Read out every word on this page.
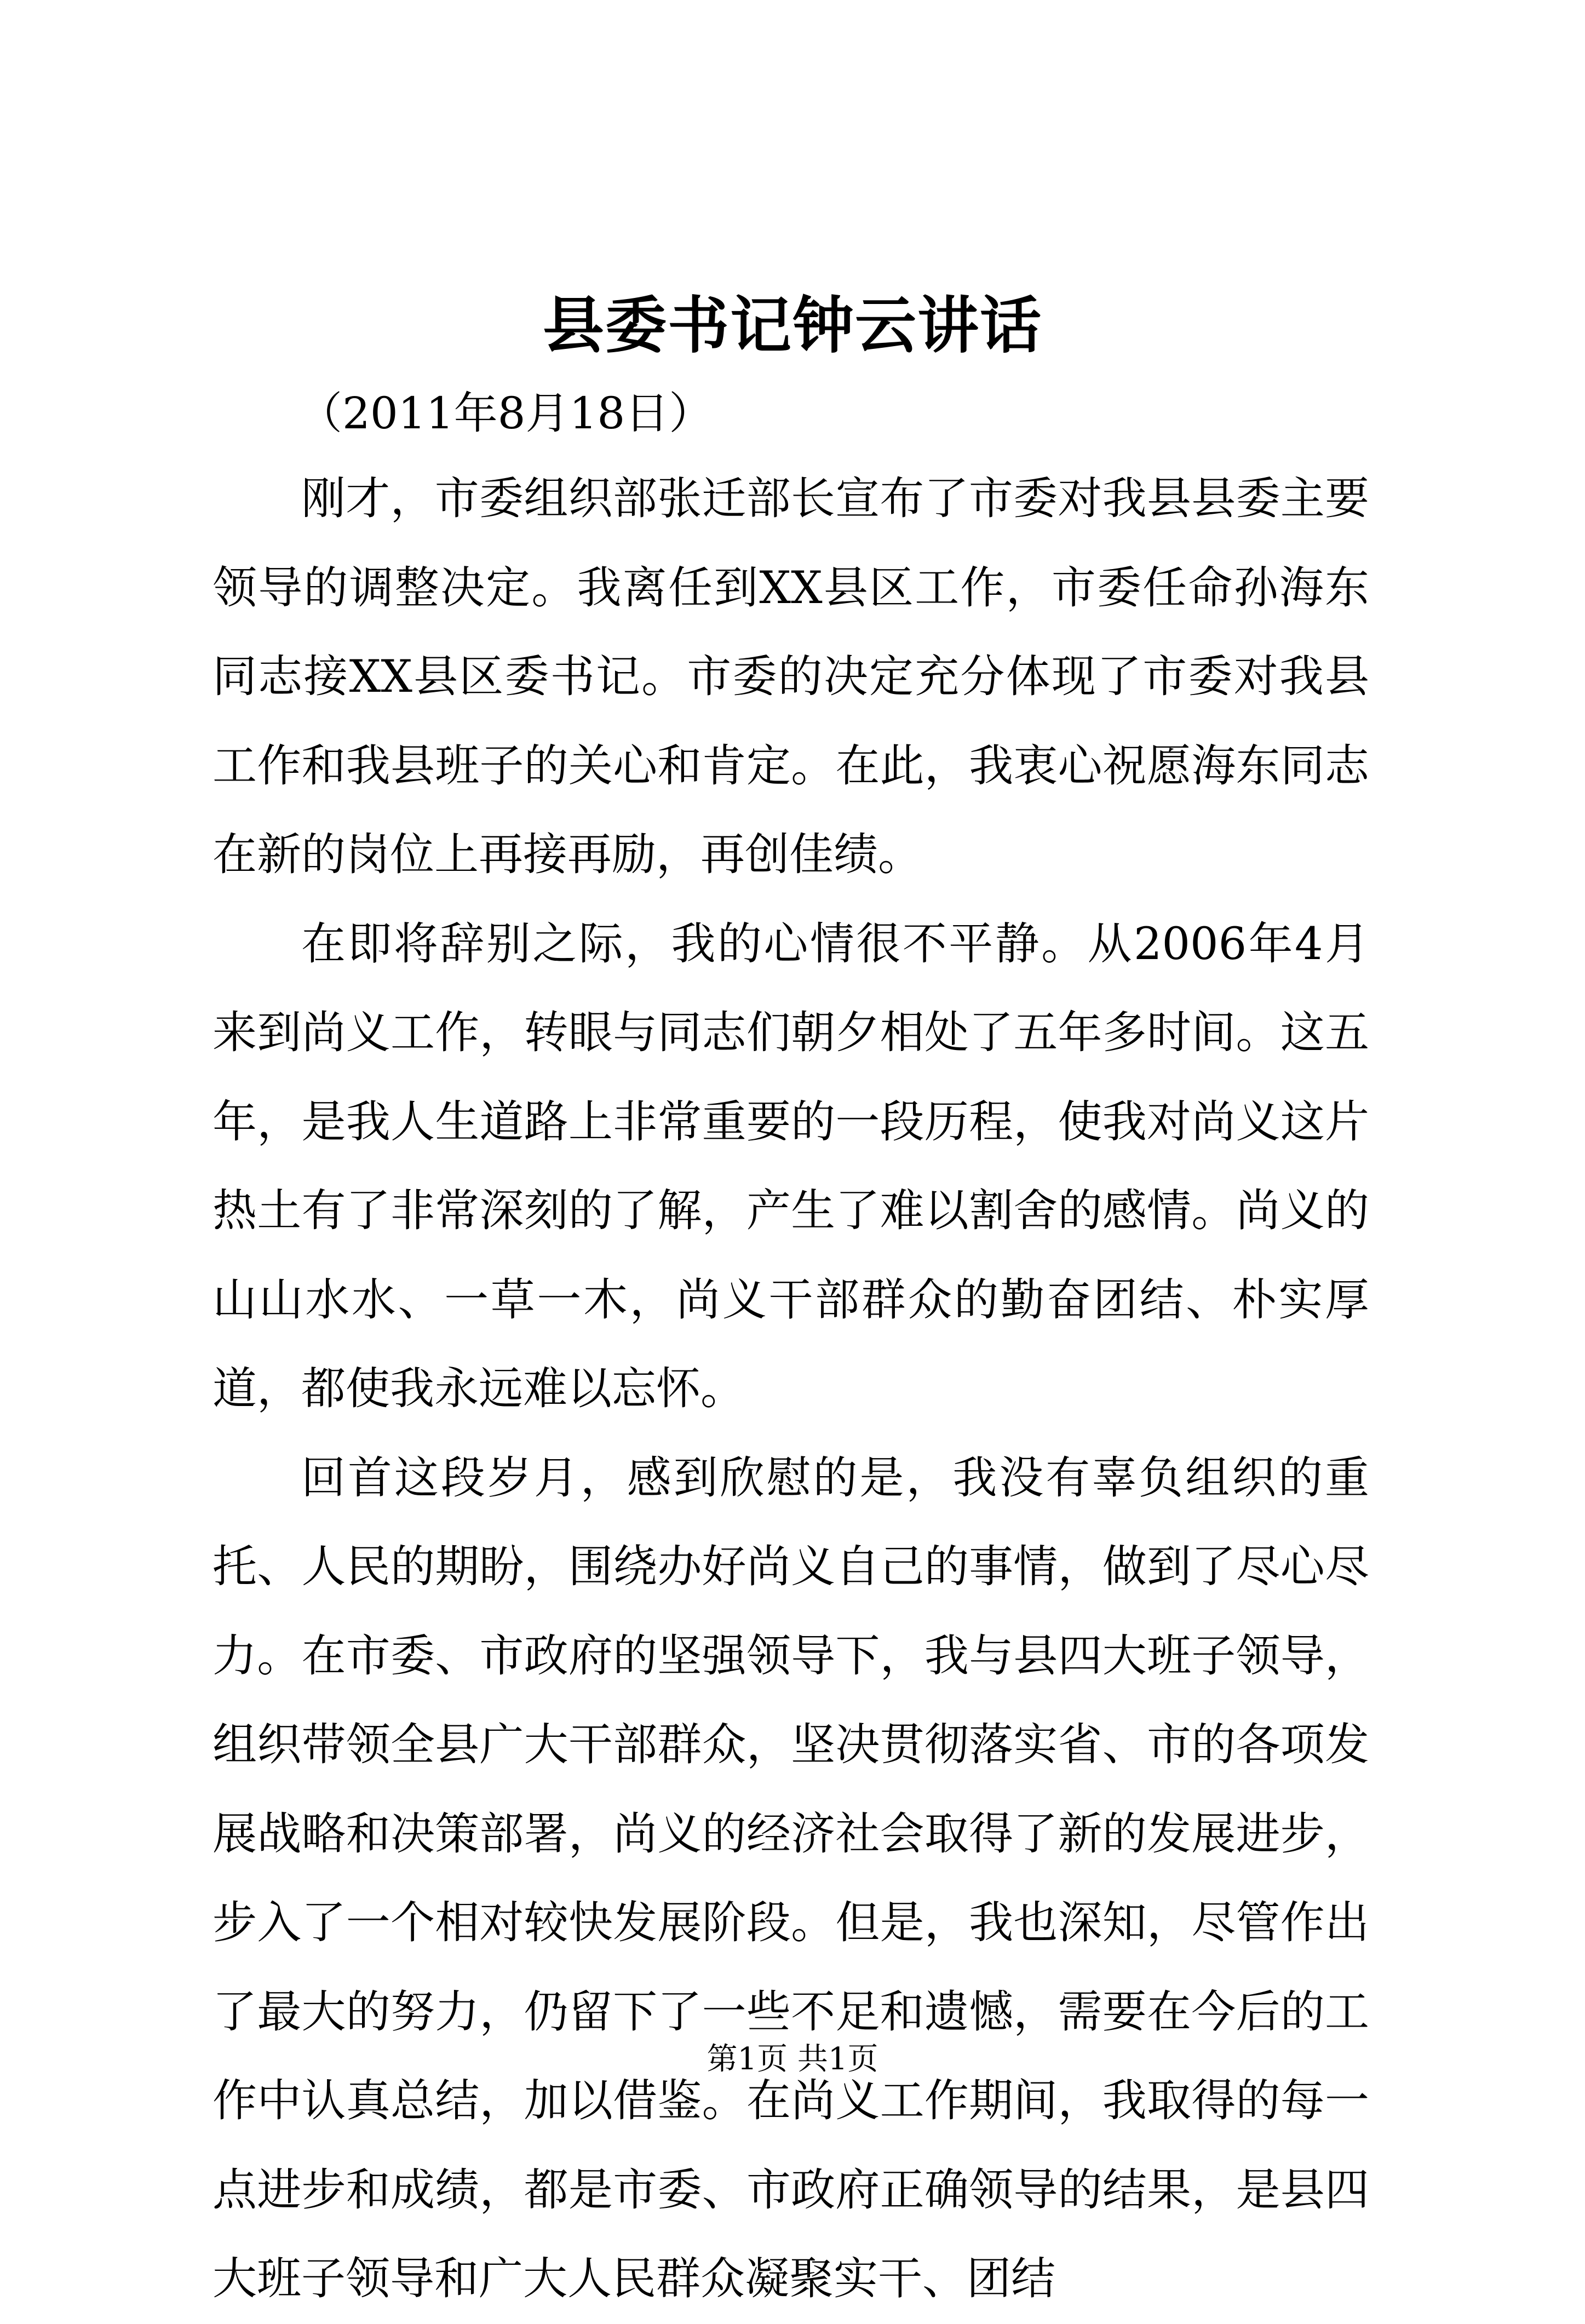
县委书记钟云讲话
（2011年8月18日）

刚才，市委组织部张迁部长宣布了市委对我县县委主要领导的调整决定。我离任到XX县区工作，市委任命孙海东同志接XX县区委书记。市委的决定充分体现了市委对我县工作和我县班子的关心和肯定。在此，我衷心祝愿海东同志在新的岗位上再接再励，再创佳绩。

在即将辞别之际，我的心情很不平静。从2006年4月来到尚义工作，转眼与同志们朝夕相处了五年多时间。这五年，是我人生道路上非常重要的一段历程，使我对尚义这片热土有了非常深刻的了解，产生了难以割舍的感情。尚义的山山水水、一草一木，尚义干部群众的勤奋团结、朴实厚道，都使我永远难以忘怀。

回首这段岁月，感到欣慰的是，我没有辜负组织的重托、人民的期盼，围绕办好尚义自己的事情，做到了尽心尽力。在市委、市政府的坚强领导下，我与县四大班子领导，组织带领全县广大干部群众，坚决贯彻落实省、市的各项发展战略和决策部署，尚义的经济社会取得了新的发展进步，步入了一个相对较快发展阶段。但是，我也深知，尽管作出了最大的努力，仍留下了一些不足和遗憾，需要在今后的工作中认真总结，加以借鉴。在尚义工作期间，我取得的每一点进步和成绩，都是市委、市政府正确领导的结果，是县四大班子领导和广大人民群众凝聚实干、团结

第1页 共1页
